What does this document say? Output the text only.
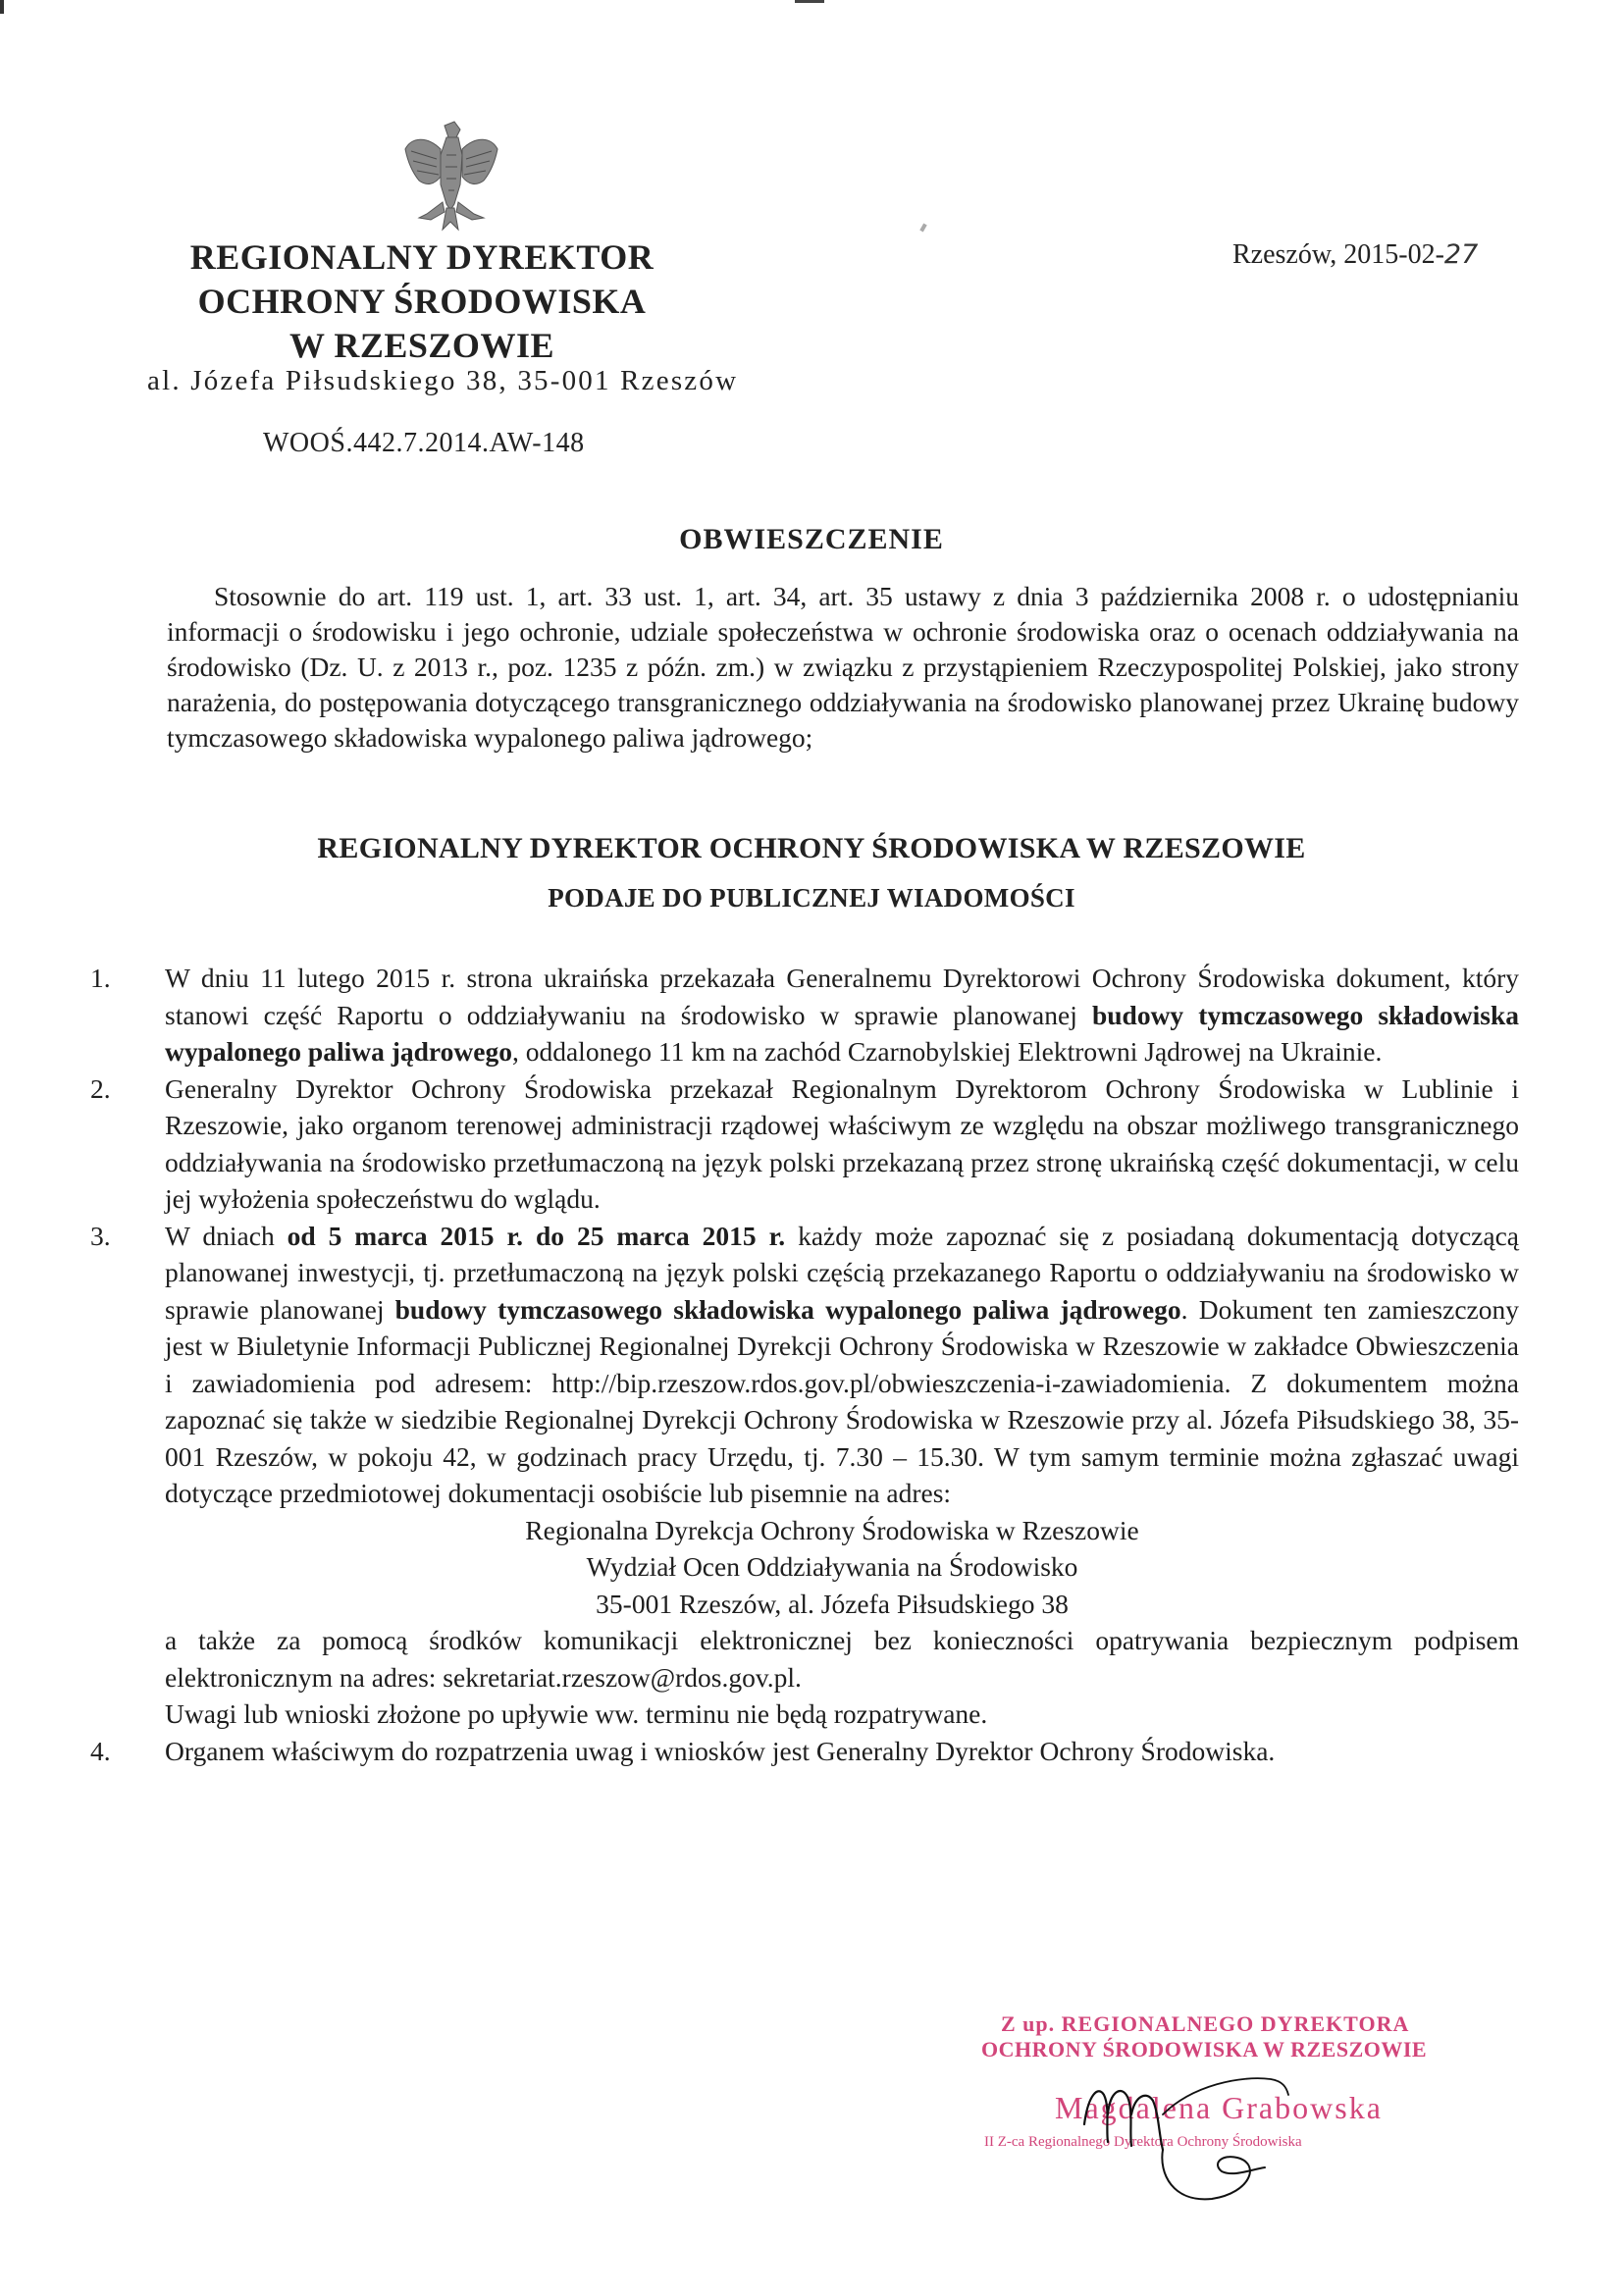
REGIONALNY DYREKTOR
OCHRONY ŚRODOWISKA
W RZESZOWIE
al. Józefa Piłsudskiego 38, 35-001 Rzeszów
WOOŚ.442.7.2014.AW-148
Rzeszów, 2015-02-27
OBWIESZCZENIE
Stosownie do art. 119 ust. 1, art. 33 ust. 1, art. 34, art. 35 ustawy z dnia 3 października 2008 r. o udostępnianiu informacji o środowisku i jego ochronie, udziale społeczeństwa w ochronie środowiska oraz o ocenach oddziaływania na środowisko (Dz. U. z 2013 r., poz. 1235 z późn. zm.) w związku z przystąpieniem Rzeczypospolitej Polskiej, jako strony narażenia, do postępowania dotyczącego transgranicznego oddziaływania na środowisko planowanej przez Ukrainę budowy tymczasowego składowiska wypalonego paliwa jądrowego;
REGIONALNY DYREKTOR OCHRONY ŚRODOWISKA W RZESZOWIE
PODAJE DO PUBLICZNEJ WIADOMOŚCI
1. W dniu 11 lutego 2015 r. strona ukraińska przekazała Generalnemu Dyrektorowi Ochrony Środowiska dokument, który stanowi część Raportu o oddziaływaniu na środowisko w sprawie planowanej budowy tymczasowego składowiska wypalonego paliwa jądrowego, oddalonego 11 km na zachód Czarnobylskiej Elektrowni Jądrowej na Ukrainie.
2. Generalny Dyrektor Ochrony Środowiska przekazał Regionalnym Dyrektorom Ochrony Środowiska w Lublinie i Rzeszowie, jako organom terenowej administracji rządowej właściwym ze względu na obszar możliwego transgranicznego oddziaływania na środowisko przetłumaczoną na język polski przekazaną przez stronę ukraińską część dokumentacji, w celu jej wyłożenia społeczeństwu do wglądu.
3. W dniach od 5 marca 2015 r. do 25 marca 2015 r. każdy może zapoznać się z posiadaną dokumentacją dotyczącą planowanej inwestycji, tj. przetłumaczoną na język polski częścią przekazanego Raportu o oddziaływaniu na środowisko w sprawie planowanej budowy tymczasowego składowiska wypalonego paliwa jądrowego. Dokument ten zamieszczony jest w Biuletynie Informacji Publicznej Regionalnej Dyrekcji Ochrony Środowiska w Rzeszowie w zakładce Obwieszczenia i zawiadomienia pod adresem: http://bip.rzeszow.rdos.gov.pl/obwieszczenia-i-zawiadomienia. Z dokumentem można zapoznać się także w siedzibie Regionalnej Dyrekcji Ochrony Środowiska w Rzeszowie przy al. Józefa Piłsudskiego 38, 35-001 Rzeszów, w pokoju 42, w godzinach pracy Urzędu, tj. 7.30 – 15.30. W tym samym terminie można zgłaszać uwagi dotyczące przedmiotowej dokumentacji osobiście lub pisemnie na adres:
Regionalna Dyrekcja Ochrony Środowiska w Rzeszowie
Wydział Ocen Oddziaływania na Środowisko
35-001 Rzeszów, al. Józefa Piłsudskiego 38
a także za pomocą środków komunikacji elektronicznej bez konieczności opatrywania bezpiecznym podpisem elektronicznym na adres: sekretariat.rzeszow@rdos.gov.pl.
Uwagi lub wnioski złożone po upływie ww. terminu nie będą rozpatrywane.
4. Organem właściwym do rozpatrzenia uwag i wniosków jest Generalny Dyrektor Ochrony Środowiska.
Z up. REGIONALNEGO DYREKTORA
OCHRONY ŚRODOWISKA W RZESZOWIE
Magdalena Grabowska
II Z-ca Regionalnego Dyrektora Ochrony Środowiska
